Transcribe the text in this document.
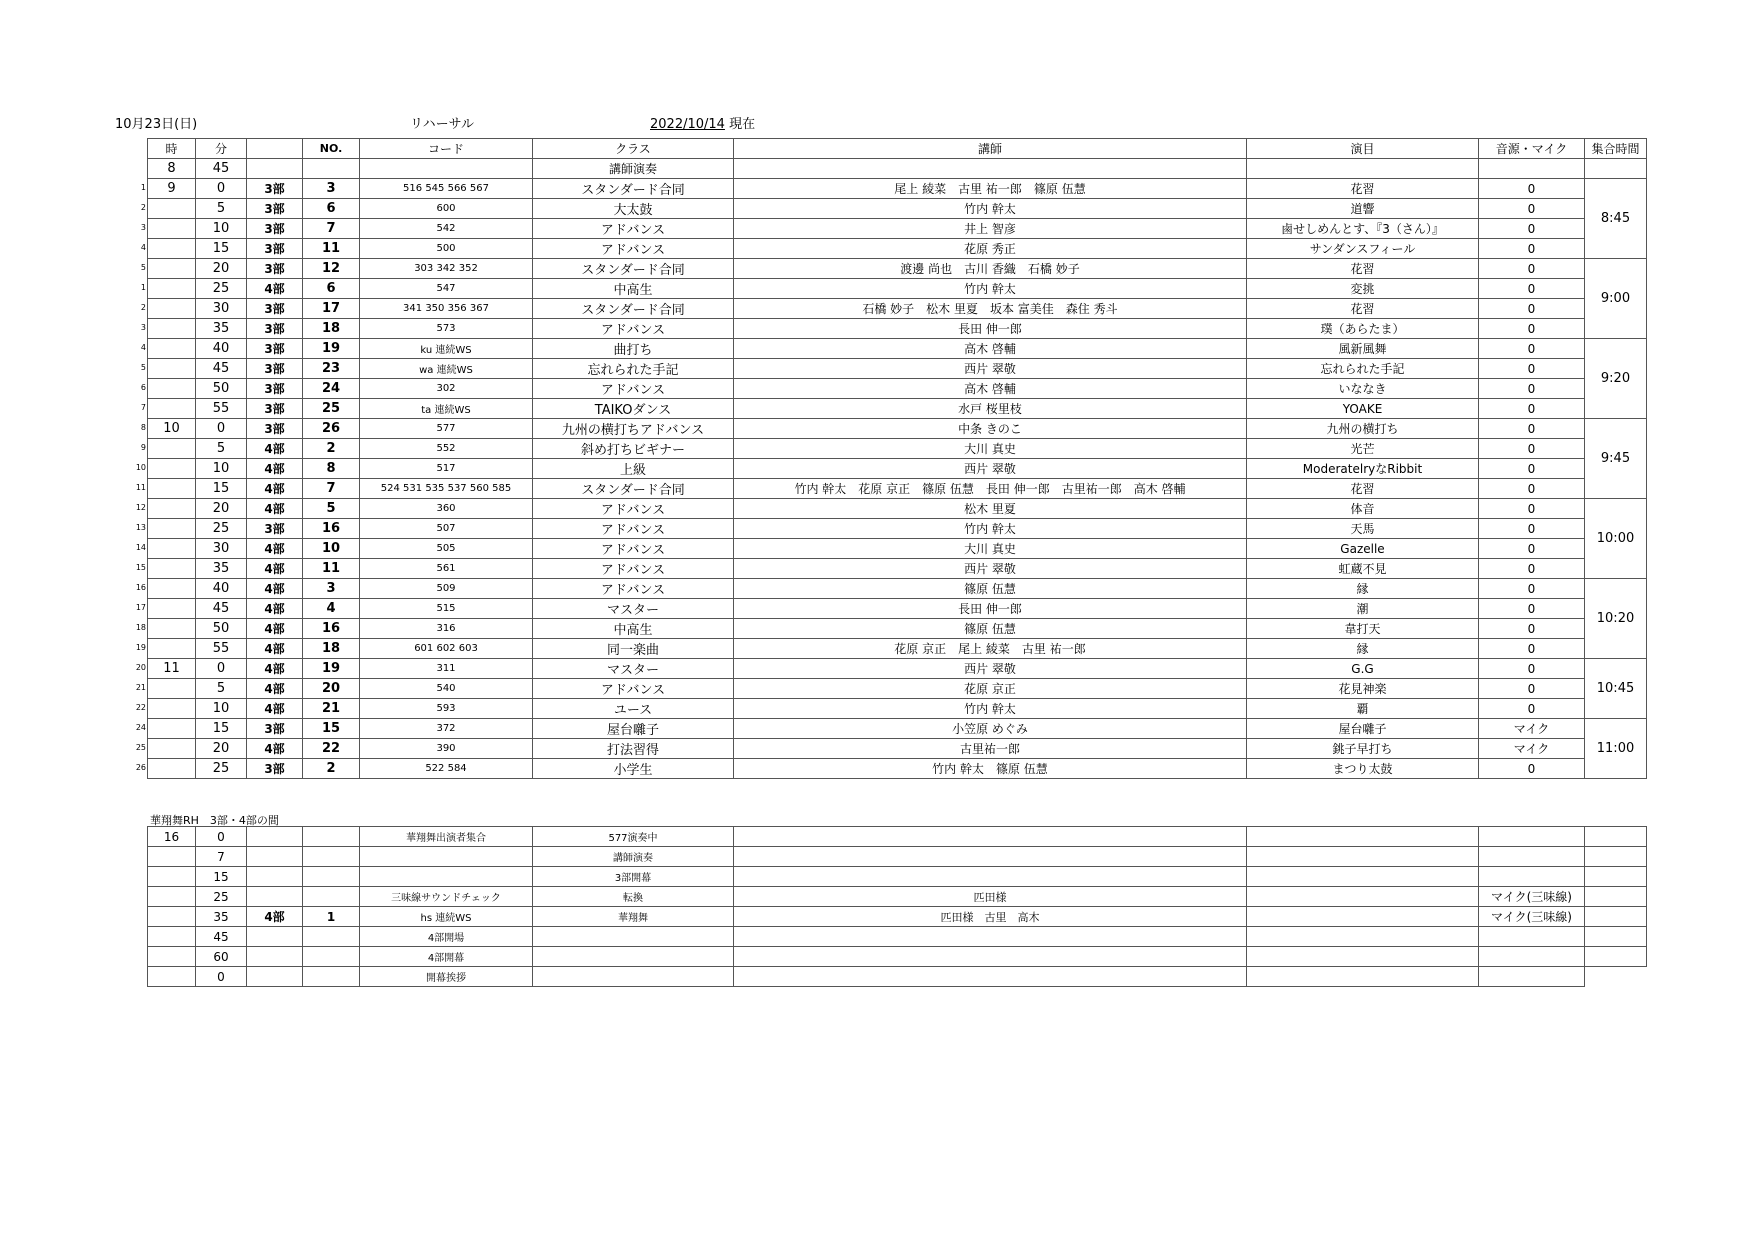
10月23日(日)	リハーサル	2022/10/14 現在
1
2
3
4
5
1
2
3
4
5
6
7
8
9
10
11
12
13
14
15
16
17
18
19
20
21
22
24
25
26
時	分		NO.	コード	クラス	講師	演目	音源・マイク	集合時間
8	45				講師演奏				
9	0	3部	3	516 545 566 567	スタンダード合同	尾上 綾菜　古里 祐一郎　篠原 伍慧	花習	0	8:45
	5	3部	6	600	大太鼓	竹内 幹太	道響	0	
	10	3部	7	542	アドバンス	井上 智彦	鹵せしめんとす、『3（さん）』	0	
	15	3部	11	500	アドバンス	花原 秀正	サンダンスフィール	0	
	20	3部	12	303 342 352	スタンダード合同	渡邊 尚也　古川 香織　石橋 妙子	花習	0	9:00
	25	4部	6	547	中高生	竹内 幹太	変挑	0	
	30	3部	17	341 350 356 367	スタンダード合同	石橋 妙子　松木 里夏　坂本 富美佳　森住 秀斗	花習	0	
	35	3部	18	573	アドバンス	長田 伸一郎	璞（あらたま）	0	
	40	3部	19	ku 連続WS	曲打ち	高木 啓輔	風新風舞	0	9:20
	45	3部	23	wa 連続WS	忘れられた手記	西片 翠敬	忘れられた手記	0	
	50	3部	24	302	アドバンス	高木 啓輔	いななき	0	
	55	3部	25	ta 連続WS	TAIKOダンス	水戸 桜里枝	YOAKE	0	
10	0	3部	26	577	九州の横打ちアドバンス	中条 きのこ	九州の横打ち	0	9:45
	5	4部	2	552	斜め打ちビギナー	大川 真史	光芒	0	
	10	4部	8	517	上級	西片 翠敬	ModeratelryなRibbit	0	
	15	4部	7	524 531 535 537 560 585	スタンダード合同	竹内 幹太　花原 京正　篠原 伍慧　長田 伸一郎　古里祐一郎　高木 啓輔	花習	0	
	20	4部	5	360	アドバンス	松木 里夏	体音	0	10:00
	25	3部	16	507	アドバンス	竹内 幹太	天馬	0	
	30	4部	10	505	アドバンス	大川 真史	Gazelle	0	
	35	4部	11	561	アドバンス	西片 翠敬	虹蔵不見	0	
	40	4部	3	509	アドバンス	篠原 伍慧	縁	0	10:20
	45	4部	4	515	マスター	長田 伸一郎	潮	0	
	50	4部	16	316	中高生	篠原 伍慧	韋打天	0	
	55	4部	18	601 602 603	同一楽曲	花原 京正　尾上 綾菜　古里 祐一郎	縁	0	
11	0	4部	19	311	マスター	西片 翠敬	G.G	0	10:45
	5	4部	20	540	アドバンス	花原 京正	花見神楽	0	
	10	4部	21	593	ユース	竹内 幹太	覇	0	
	15	3部	15	372	屋台囃子	小笠原 めぐみ	屋台囃子	マイク	11:00
	20	4部	22	390	打法習得	古里祐一郎	銚子早打ち	マイク	
	25	3部	2	522 584	小学生	竹内 幹太　篠原 伍慧	まつり太鼓	0	
華翔舞RH　3部・4部の間
16	0			華翔舞出演者集合	577演奏中				
	7				講師演奏				
	15				3部開幕				
	25			三味線サウンドチェック	転換	匹田様		マイク(三味線)	
	35	4部	1	hs 連続WS	華翔舞	匹田様　古里　高木		マイク(三味線)	
	45			4部開場					
	60			4部開幕					
	0			開幕挨拶					
